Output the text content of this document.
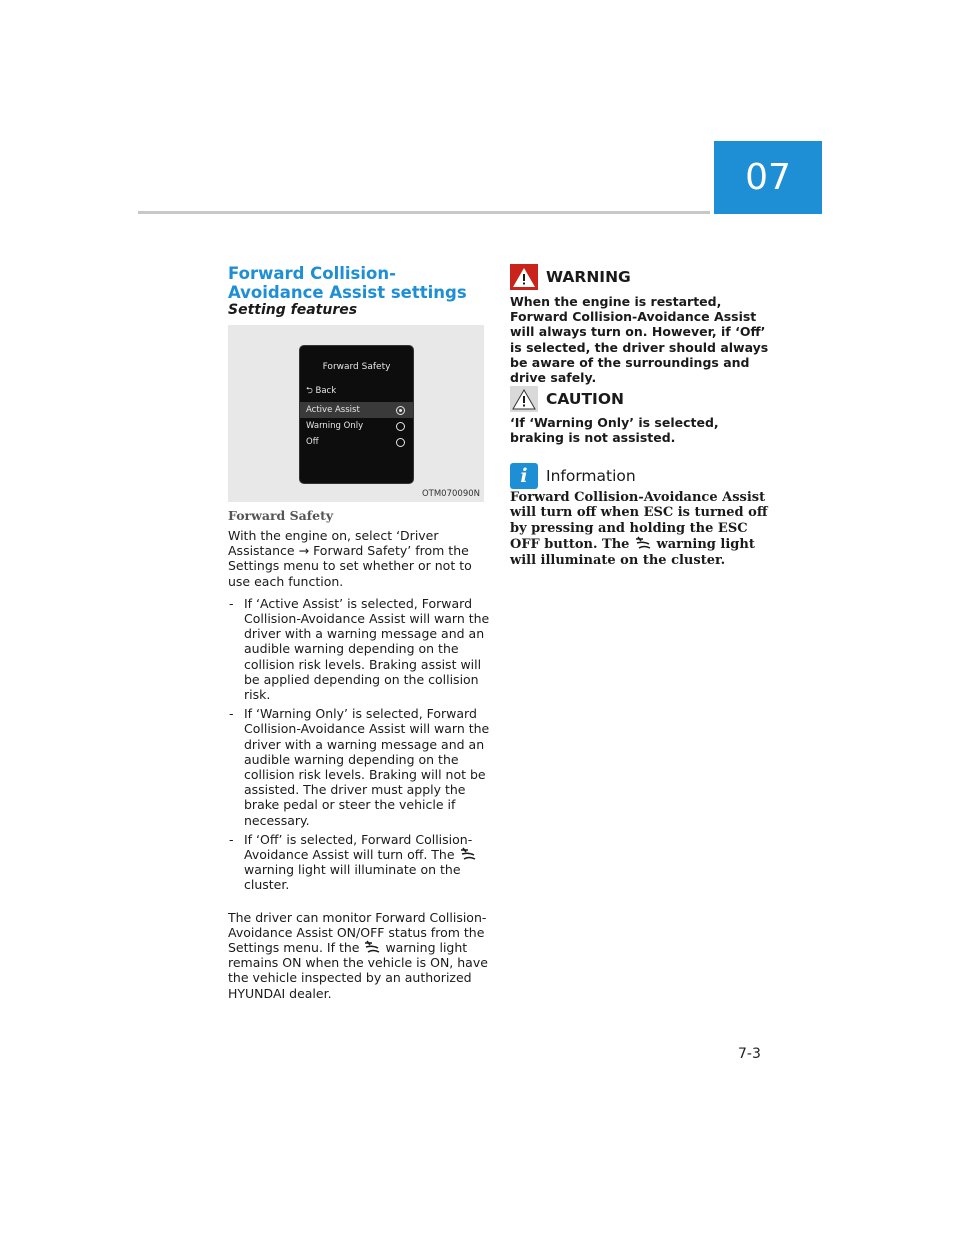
07
Forward Collision-Avoidance Assist settings
Setting features
Forward Safety
⮌ Back
Active Assist
Warning Only
Off
OTM070090N
Forward Safety

With the engine on, select ‘Driver Assistance → Forward Safety’ from the Settings menu to set whether or not to use each function.

- If ‘Active Assist’ is selected, Forward Collision-Avoidance Assist will warn the driver with a warning message and an audible warning depending on the collision risk levels. Braking assist will be applied depending on the collision risk.
- If ‘Warning Only’ is selected, Forward Collision-Avoidance Assist will warn the driver with a warning message and an audible warning depending on the collision risk levels. Braking will not be assisted. The driver must apply the brake pedal or steer the vehicle if necessary.
- If ‘Off’ is selected, Forward Collision-Avoidance Assist will turn off. The  warning light will illuminate on the cluster.

The driver can monitor Forward Collision-Avoidance Assist ON/OFF status from the Settings menu. If the warning light remains ON when the vehicle is ON, have the vehicle inspected by an authorized HYUNDAI dealer.

WARNING
When the engine is restarted, Forward Collision-Avoidance Assist will always turn on. However, if ‘Off’ is selected, the driver should always be aware of the surroundings and drive safely.
CAUTION
‘If ‘Warning Only’ is selected, braking is not assisted.
i	Information
Forward Collision-Avoidance Assist will turn off when ESC is turned off by pressing and holding the ESC OFF button. The warning light will illuminate on the cluster.
7-3
